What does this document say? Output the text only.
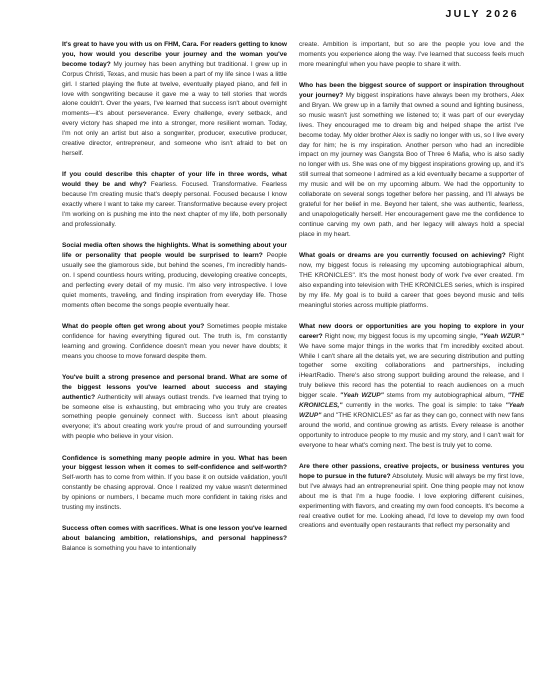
JULY 2026

It's great to have you with us on FHM, Cara. For readers getting to know you, how would you describe your journey and the woman you've become today? My journey has been anything but traditional. I grew up in Corpus Christi, Texas, and music has been a part of my life since I was a little girl. I started playing the flute at twelve, eventually played piano, and fell in love with songwriting because it gave me a way to tell stories that words alone couldn't. Over the years, I've learned that success isn't about overnight moments—it's about perseverance. Every challenge, every setback, and every victory has shaped me into a stronger, more resilient woman. Today, I'm not only an artist but also a songwriter, producer, executive producer, creative director, entrepreneur, and someone who isn't afraid to bet on herself.

If you could describe this chapter of your life in three words, what would they be and why? Fearless. Focused. Transformative. Fearless because I'm creating music that's deeply personal. Focused because I know exactly where I want to take my career. Transformative because every project I'm working on is pushing me into the next chapter of my life, both personally and professionally.

Social media often shows the highlights. What is something about your life or personality that people would be surprised to learn? People usually see the glamorous side, but behind the scenes, I'm incredibly hands-on. I spend countless hours writing, producing, developing creative concepts, and perfecting every detail of my music. I'm also very introspective. I love quiet moments, traveling, and finding inspiration from everyday life. Those moments often become the songs people eventually hear.

What do people often get wrong about you? Sometimes people mistake confidence for having everything figured out. The truth is, I'm constantly learning and growing. Confidence doesn't mean you never have doubts; it means you choose to move forward despite them.

You've built a strong presence and personal brand. What are some of the biggest lessons you've learned about success and staying authentic? Authenticity will always outlast trends. I've learned that trying to be someone else is exhausting, but embracing who you truly are creates something people genuinely connect with. Success isn't about pleasing everyone; it's about creating work you're proud of and surrounding yourself with people who believe in your vision.

Confidence is something many people admire in you. What has been your biggest lesson when it comes to self-confidence and self-worth? Self-worth has to come from within. If you base it on outside validation, you'll constantly be chasing approval. Once I realized my value wasn't determined by opinions or numbers, I became much more confident in taking risks and trusting my instincts.

Success often comes with sacrifices. What is one lesson you've learned about balancing ambition, relationships, and personal happiness? Balance is something you have to intentionally

create. Ambition is important, but so are the people you love and the moments you experience along the way. I've learned that success feels much more meaningful when you have people to share it with.

Who has been the biggest source of support or inspiration throughout your journey? My biggest inspirations have always been my brothers, Alex and Bryan. We grew up in a family that owned a sound and lighting business, so music wasn't just something we listened to; it was part of our everyday lives. They encouraged me to dream big and helped shape the artist I've become today. My older brother Alex is sadly no longer with us, so I live every day for him; he is my inspiration. Another person who had an incredible impact on my journey was Gangsta Boo of Three 6 Mafia, who is also sadly no longer with us. She was one of my biggest inspirations growing up, and it's still surreal that someone I admired as a kid eventually became a supporter of my music and will be on my upcoming album. We had the opportunity to collaborate on several songs together before her passing, and I'll always be grateful for her belief in me. Beyond her talent, she was authentic, fearless, and unapologetically herself. Her encouragement gave me the confidence to continue carving my own path, and her legacy will always hold a special place in my heart.

What goals or dreams are you currently focused on achieving? Right now, my biggest focus is releasing my upcoming autobiographical album, THE KRONICLES". It's the most honest body of work I've ever created. I'm also expanding into television with THE KRONICLES series, which is inspired by my life. My goal is to build a career that goes beyond music and tells meaningful stories across multiple platforms.

What new doors or opportunities are you hoping to explore in your career? Right now, my biggest focus is my upcoming single, "Yeah WZUP." We have some major things in the works that I'm incredibly excited about. While I can't share all the details yet, we are securing distribution and putting together some exciting collaborations and partnerships, including iHeartRadio. There's also strong support building around the release, and I truly believe this record has the potential to reach audiences on a much bigger scale. "Yeah WZUP" stems from my autobiographical album, "THE KRONICLES," currently in the works. The goal is simple: to take "Yeah WZUP" and "THE KRONICLES" as far as they can go, connect with new fans around the world, and continue growing as artists. Every release is another opportunity to introduce people to my music and my story, and I can't wait for everyone to hear what's coming next. The best is truly yet to come.

Are there other passions, creative projects, or business ventures you hope to pursue in the future? Absolutely. Music will always be my first love, but I've always had an entrepreneurial spirit. One thing people may not know about me is that I'm a huge foodie. I love exploring different cuisines, experimenting with flavors, and creating my own food concepts. It's become a real creative outlet for me. Looking ahead, I'd love to develop my own food creations and eventually open restaurants that reflect my personality and
